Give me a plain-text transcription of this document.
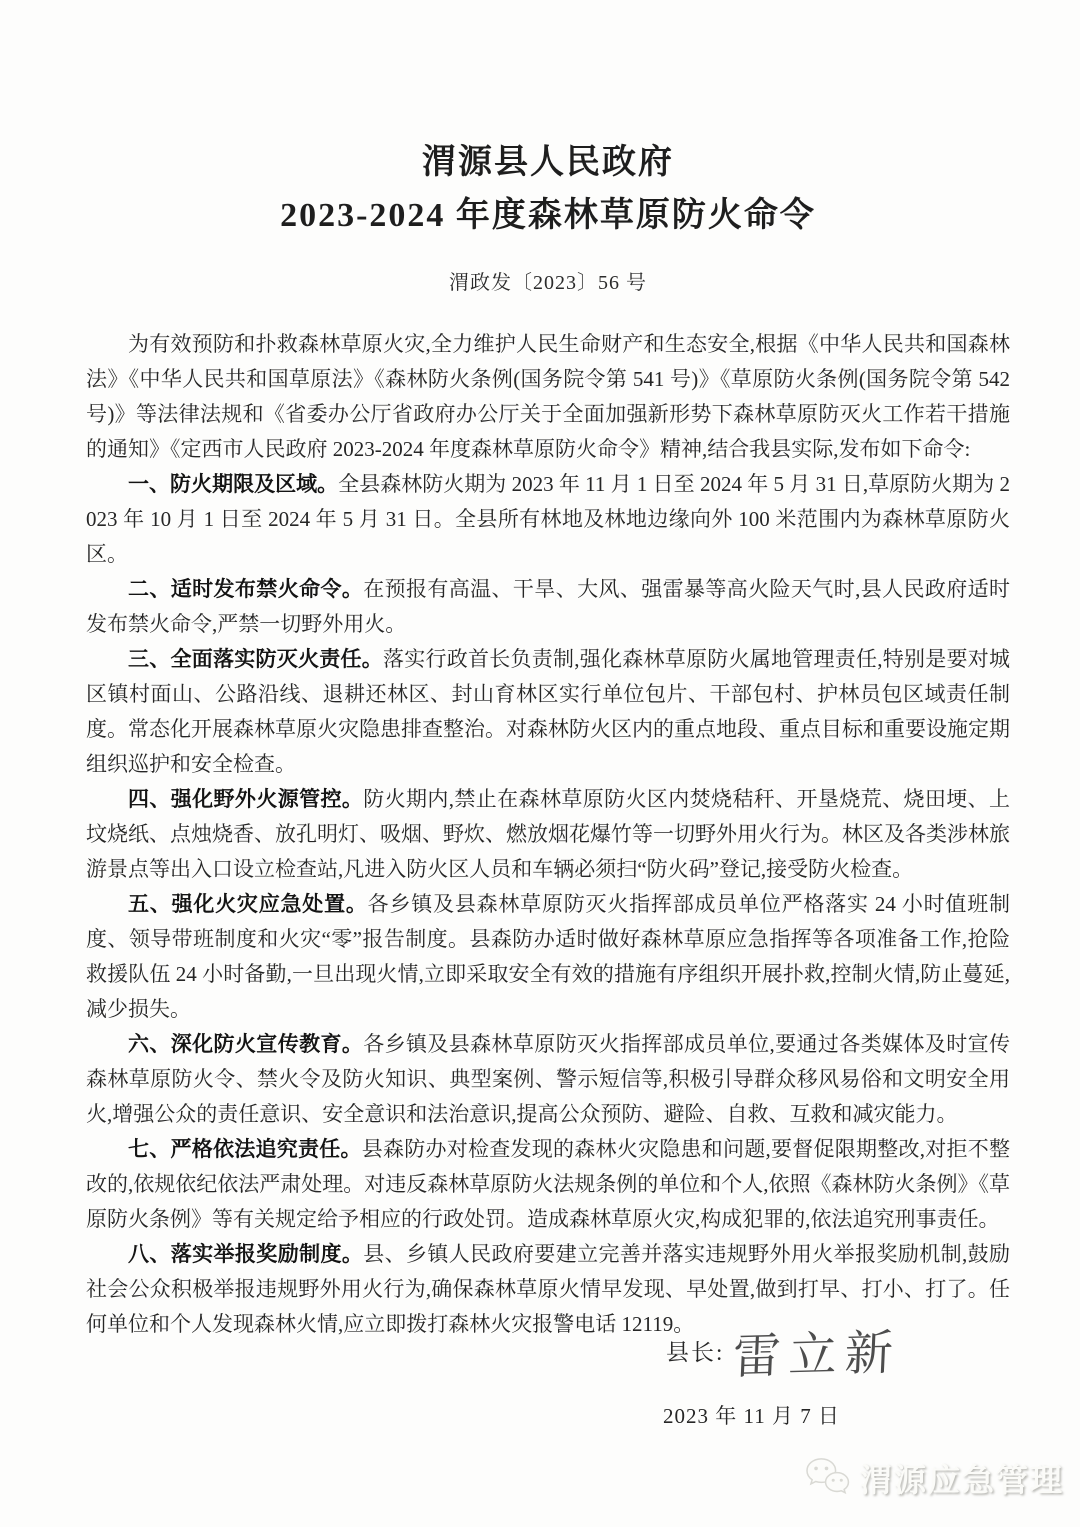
渭源县人民政府
2023-2024 年度森林草原防火命令
渭政发〔2023〕56 号

为有效预防和扑救森林草原火灾,全力维护人民生命财产和生态安全,根据《中华人民共和国森林法》《中华人民共和国草原法》《森林防火条例(国务院令第 541 号)》《草原防火条例(国务院令第 542 号)》等法律法规和《省委办公厅省政府办公厅关于全面加强新形势下森林草原防灭火工作若干措施的通知》《定西市人民政府 2023-2024 年度森林草原防火命令》精神,结合我县实际,发布如下命令:

一、防火期限及区域。全县森林防火期为 2023 年 11 月 1 日至 2024 年 5 月 31 日,草原防火期为 2023 年 10 月 1 日至 2024 年 5 月 31 日。全县所有林地及林地边缘向外 100 米范围内为森林草原防火区。

二、适时发布禁火命令。在预报有高温、干旱、大风、强雷暴等高火险天气时,县人民政府适时发布禁火命令,严禁一切野外用火。

三、全面落实防灭火责任。落实行政首长负责制,强化森林草原防火属地管理责任,特别是要对城区镇村面山、公路沿线、退耕还林区、封山育林区实行单位包片、干部包村、护林员包区域责任制度。常态化开展森林草原火灾隐患排查整治。对森林防火区内的重点地段、重点目标和重要设施定期组织巡护和安全检查。

四、强化野外火源管控。防火期内,禁止在森林草原防火区内焚烧秸秆、开垦烧荒、烧田埂、上坟烧纸、点烛烧香、放孔明灯、吸烟、野炊、燃放烟花爆竹等一切野外用火行为。林区及各类涉林旅游景点等出入口设立检查站,凡进入防火区人员和车辆必须扫“防火码”登记,接受防火检查。

五、强化火灾应急处置。各乡镇及县森林草原防灭火指挥部成员单位严格落实 24 小时值班制度、领导带班制度和火灾“零”报告制度。县森防办适时做好森林草原应急指挥等各项准备工作,抢险救援队伍 24 小时备勤,一旦出现火情,立即采取安全有效的措施有序组织开展扑救,控制火情,防止蔓延,减少损失。

六、深化防火宣传教育。各乡镇及县森林草原防灭火指挥部成员单位,要通过各类媒体及时宣传森林草原防火令、禁火令及防火知识、典型案例、警示短信等,积极引导群众移风易俗和文明安全用火,增强公众的责任意识、安全意识和法治意识,提高公众预防、避险、自救、互救和减灾能力。

七、严格依法追究责任。县森防办对检查发现的森林火灾隐患和问题,要督促限期整改,对拒不整改的,依规依纪依法严肃处理。对违反森林草原防火法规条例的单位和个人,依照《森林防火条例》《草原防火条例》等有关规定给予相应的行政处罚。造成森林草原火灾,构成犯罪的,依法追究刑事责任。

八、落实举报奖励制度。县、乡镇人民政府要建立完善并落实违规野外用火举报奖励机制,鼓励社会公众积极举报违规野外用火行为,确保森林草原火情早发现、早处置,做到打早、打小、打了。任何单位和个人发现森林火情,应立即拨打森林火灾报警电话 12119。

县长: 雷立新
2023 年 11 月 7 日
渭源应急管理
